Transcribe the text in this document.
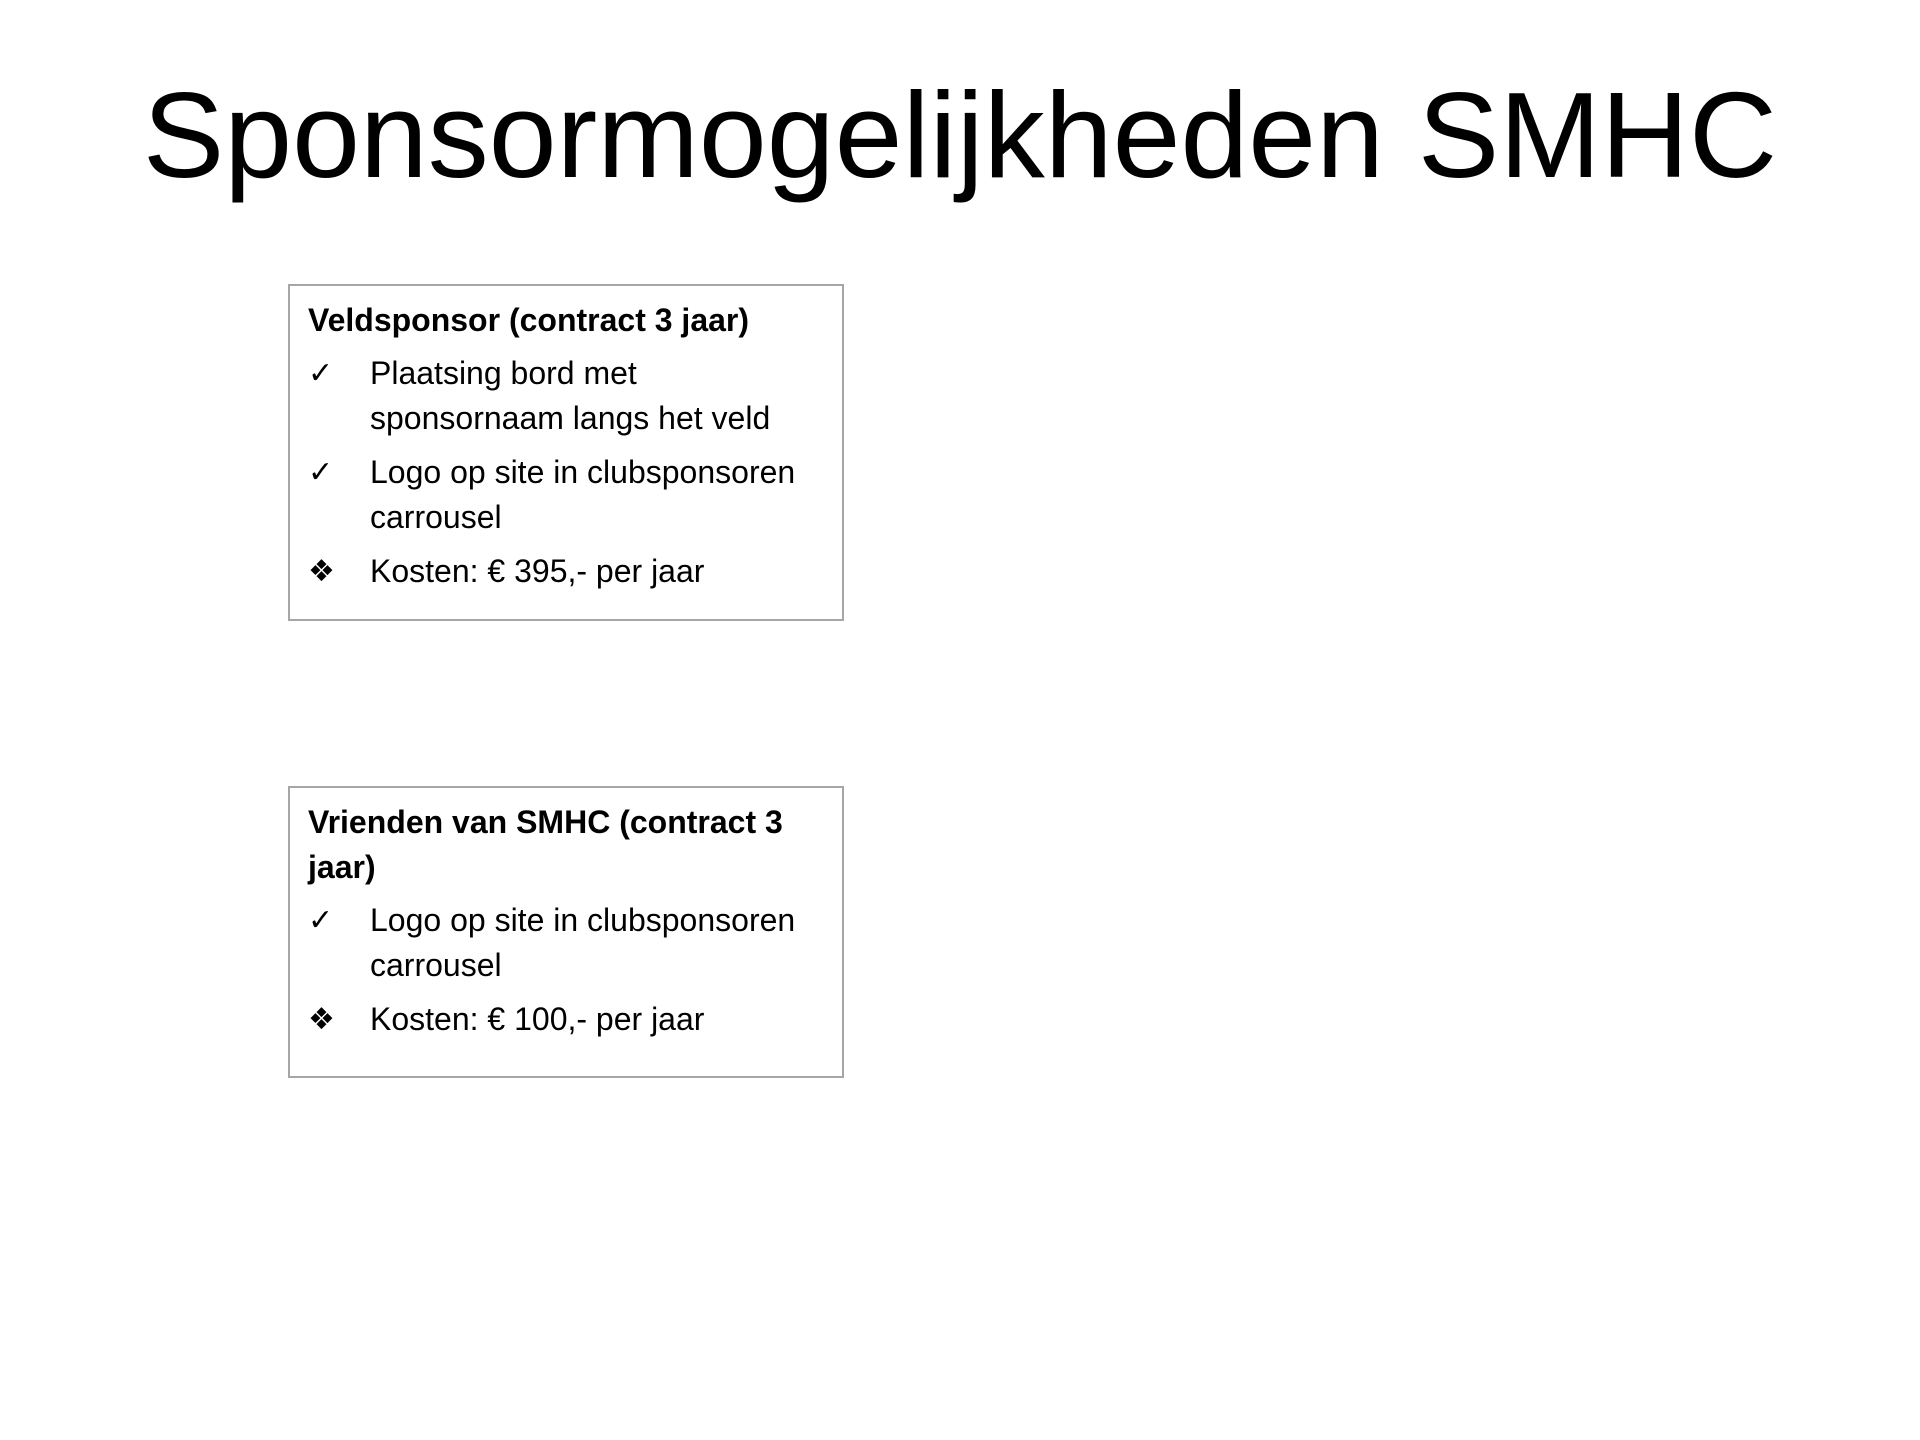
Sponsormogelijkheden SMHC
Veldsponsor (contract 3 jaar)
✓	Plaatsing bord met sponsornaam langs het veld
✓	Logo op site in clubsponsoren carrousel
❖	Kosten: € 395,- per jaar
Vrienden van SMHC (contract 3 jaar)
✓	Logo op site in clubsponsoren carrousel
❖	Kosten: € 100,- per jaar
